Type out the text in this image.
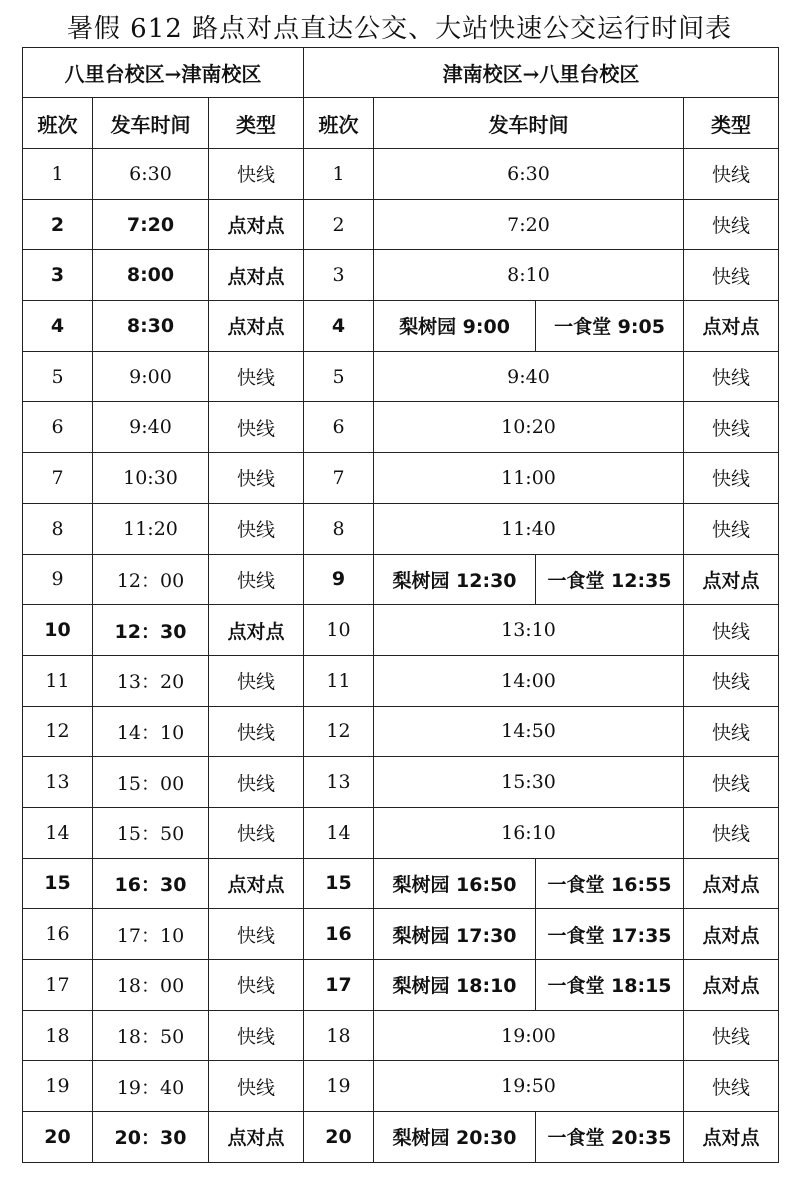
暑假 612 路点对点直达公交、大站快速公交运行时间表
八里台校区→津南校区			津南校区→八里台校区			
班次	发车时间	类型	班次	发车时间		类型
1	6:30	快线	1	6:30		快线
2	7:20	点对点	2	7:20		快线
3	8:00	点对点	3	8:10		快线
4	8:30	点对点	4	梨树园 9:00	一食堂 9:05	点对点
5	9:00	快线	5	9:40		快线
6	9:40	快线	6	10:20		快线
7	10:30	快线	7	11:00		快线
8	11:20	快线	8	11:40		快线
9	12：00	快线	9	梨树园 12:30	一食堂 12:35	点对点
10	12：30	点对点	10	13:10		快线
11	13：20	快线	11	14:00		快线
12	14：10	快线	12	14:50		快线
13	15：00	快线	13	15:30		快线
14	15：50	快线	14	16:10		快线
15	16：30	点对点	15	梨树园 16:50	一食堂 16:55	点对点
16	17：10	快线	16	梨树园 17:30	一食堂 17:35	点对点
17	18：00	快线	17	梨树园 18:10	一食堂 18:15	点对点
18	18：50	快线	18	19:00		快线
19	19：40	快线	19	19:50		快线
20	20：30	点对点	20	梨树园 20:30	一食堂 20:35	点对点
